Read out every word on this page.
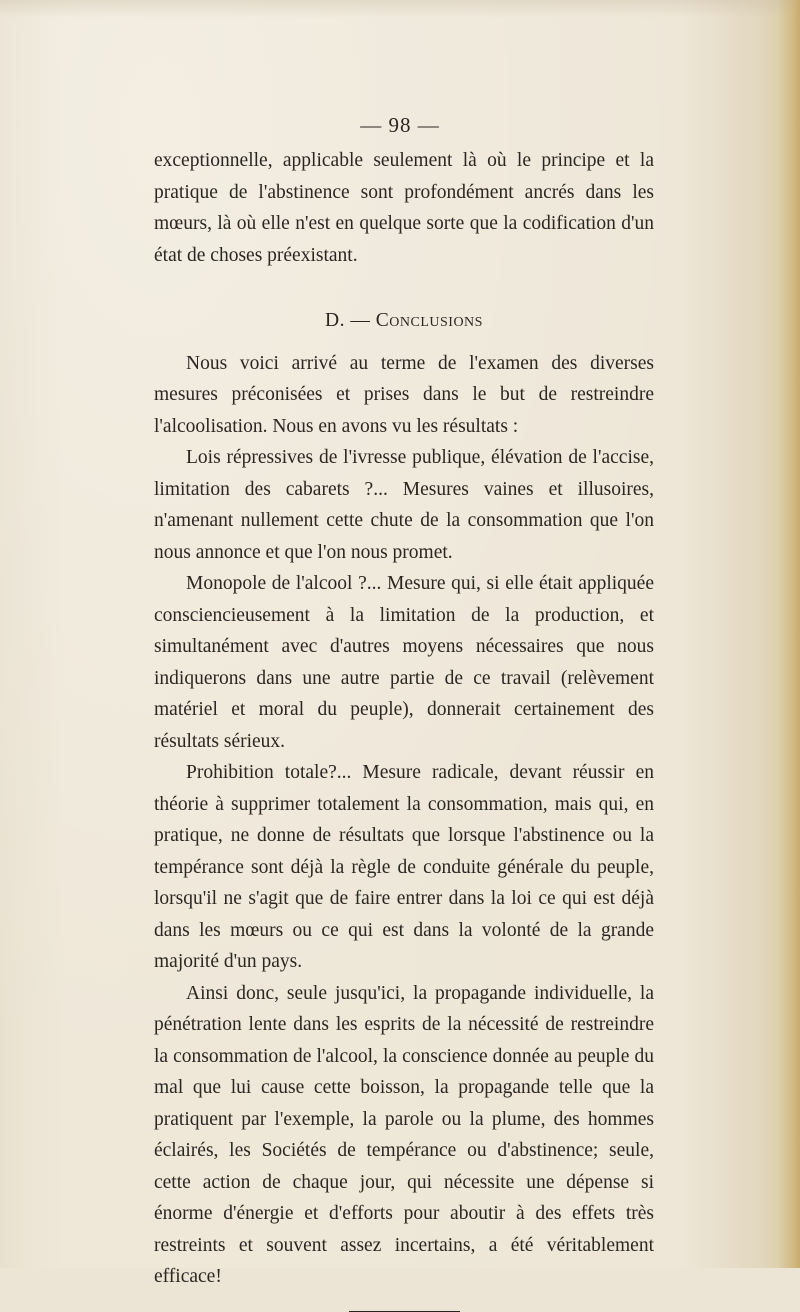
— 98 —

exceptionnelle, applicable seulement là où le principe et la pratique de l'abstinence sont profondément ancrés dans les mœurs, là où elle n'est en quelque sorte que la codification d'un état de choses préexistant.

D. — Conclusions

Nous voici arrivé au terme de l'examen des diverses mesures préconisées et prises dans le but de restreindre l'alcoolisation. Nous en avons vu les résultats :

Lois répressives de l'ivresse publique, élévation de l'accise, limitation des cabarets ?... Mesures vaines et illusoires, n'amenant nullement cette chute de la consommation que l'on nous annonce et que l'on nous promet.

Monopole de l'alcool ?... Mesure qui, si elle était appliquée consciencieusement à la limitation de la production, et simultanément avec d'autres moyens nécessaires que nous indiquerons dans une autre partie de ce travail (relèvement matériel et moral du peuple), donnerait certainement des résultats sérieux.

Prohibition totale?... Mesure radicale, devant réussir en théorie à supprimer totalement la consommation, mais qui, en pratique, ne donne de résultats que lorsque l'abstinence ou la tempérance sont déjà la règle de conduite générale du peuple, lorsqu'il ne s'agit que de faire entrer dans la loi ce qui est déjà dans les mœurs ou ce qui est dans la volonté de la grande majorité d'un pays.

Ainsi donc, seule jusqu'ici, la propagande individuelle, la pénétration lente dans les esprits de la nécessité de restreindre la consommation de l'alcool, la conscience donnée au peuple du mal que lui cause cette boisson, la propagande telle que la pratiquent par l'exemple, la parole ou la plume, des hommes éclairés, les Sociétés de tempérance ou d'abstinence; seule, cette action de chaque jour, qui nécessite une dépense si énorme d'énergie et d'efforts pour aboutir à des effets très restreints et souvent assez incertains, a été véritablement efficace!
